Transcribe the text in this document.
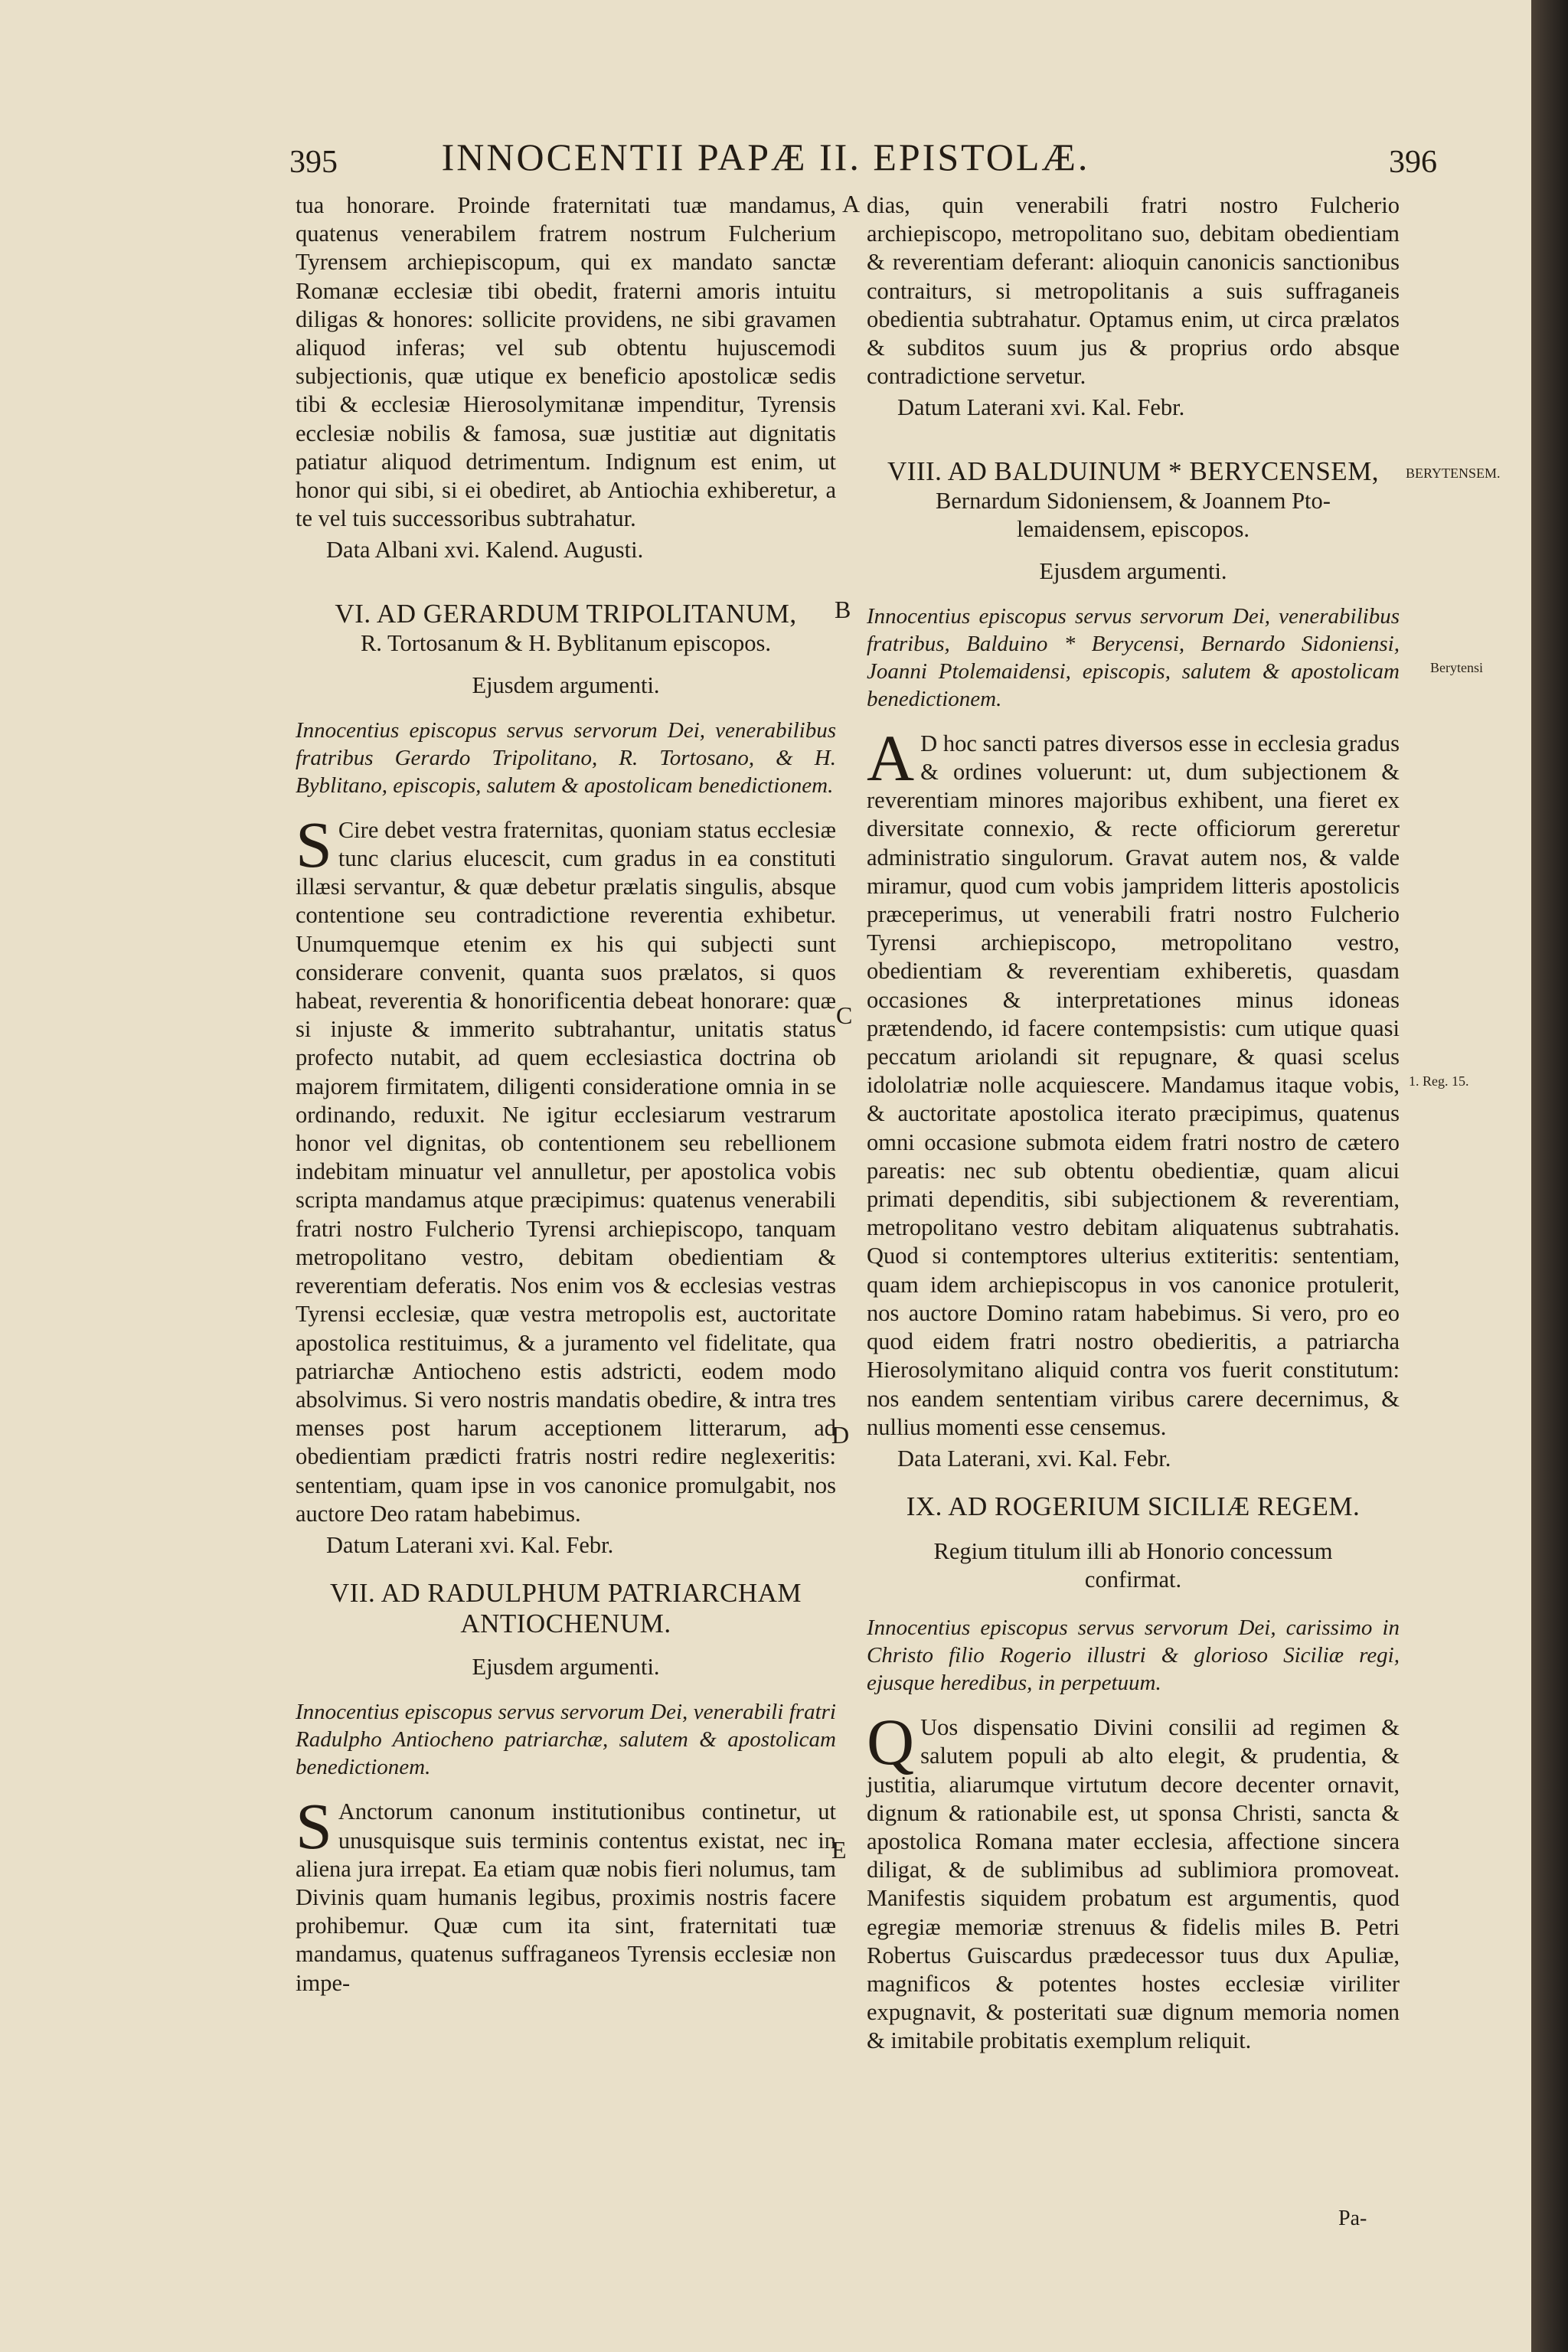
395	INNOCENTII PAPÆ II. EPISTOLÆ.	396

tua honorare. Proinde fraternitati tuæ mandamus, quatenus venerabilem fratrem nostrum Fulcherium Tyrensem archiepiscopum, qui ex mandato sanctæ Romanæ ecclesiæ tibi obedit, fraterni amoris intuitu diligas & honores: sollicite providens, ne sibi gravamen aliquod inferas; vel sub obtentu hujuscemodi subjectionis, quæ utique ex beneficio apostolicæ sedis tibi & ecclesiæ Hierosolymitanæ impenditur, Tyrensis ecclesiæ nobilis & famosa, suæ justitiæ aut dignitatis patiatur aliquod detrimentum. Indignum est enim, ut honor qui sibi, si ei obediret, ab Antiochia exhiberetur, a te vel tuis successoribus subtrahatur.

Data Albani xvi. Kalend. Augusti.

VI. AD GERARDUM TRIPOLITANUM,

R. Tortosanum & H. Byblitanum episcopos.

Ejusdem argumenti.

Innocentius episcopus servus servorum Dei, venerabilibus fratribus Gerardo Tripolitano, R. Tortosano, & H. Byblitano, episcopis, salutem & apostolicam benedictionem.

S Cire debet vestra fraternitas, quoniam status ecclesiæ tunc clarius elucescit, cum gradus in ea constituti illæsi servantur, & quæ debetur prælatis singulis, absque contentione seu contradictione reverentia exhibetur. Unumquemque etenim ex his qui subjecti sunt considerare convenit, quanta suos prælatos, si quos habeat, reverentia & honorificentia debeat honorare: quæ si injuste & immerito subtrahantur, unitatis status profecto nutabit, ad quem ecclesiastica doctrina ob majorem firmitatem, diligenti consideratione omnia in se ordinando, reduxit. Ne igitur ecclesiarum vestrarum honor vel dignitas, ob contentionem seu rebellionem indebitam minuatur vel annulletur, per apostolica vobis scripta mandamus atque præcipimus: quatenus venerabili fratri nostro Fulcherio Tyrensi archiepiscopo, tanquam metropolitano vestro, debitam obedientiam & reverentiam deferatis. Nos enim vos & ecclesias vestras Tyrensi ecclesiæ, quæ vestra metropolis est, auctoritate apostolica restituimus, & a juramento vel fidelitate, qua patriarchæ Antiocheno estis adstricti, eodem modo absolvimus. Si vero nostris mandatis obedire, & intra tres menses post harum acceptionem litterarum, ad obedientiam prædicti fratris nostri redire neglexeritis: sententiam, quam ipse in vos canonice promulgabit, nos auctore Deo ratam habebimus.

Datum Laterani xvi. Kal. Febr.

VII. AD RADULPHUM PATRIARCHAM
ANTIOCHENUM.

Ejusdem argumenti.

Innocentius episcopus servus servorum Dei, venerabili fratri Radulpho Antiocheno patriarchæ, salutem & apostolicam benedictionem.

S Anctorum canonum institutionibus continetur, ut unusquisque suis terminis contentus existat, nec in aliena jura irrepat. Ea etiam quæ nobis fieri nolumus, tam Divinis quam humanis legibus, proximis nostris facere prohibemur. Quæ cum ita sint, fraternitati tuæ mandamus, quatenus suffraganeos Tyrensis ecclesiæ non impe-

dias, quin venerabili fratri nostro Fulcherio archiepiscopo, metropolitano suo, debitam obedientiam & reverentiam deferant: alioquin canonicis sanctionibus contraiturs, si metropolitanis a suis suffraganeis obedientia subtrahatur. Optamus enim, ut circa prælatos & subditos suum jus & proprius ordo absque contradictione servetur.

Datum Laterani xvi. Kal. Febr.

VIII. AD BALDUINUM * BERYCENSEM,

Bernardum Sidoniensem, & Joannem Pto-

lemaidensem, episcopos.

Ejusdem argumenti.

Innocentius episcopus servus servorum Dei, venerabilibus fratribus, Balduino * Berycensi, Bernardo Sidoniensi, Joanni Ptolemaidensi, episcopis, salutem & apostolicam benedictionem.

A D hoc sancti patres diversos esse in ecclesia gradus & ordines voluerunt: ut, dum subjectionem & reverentiam minores majoribus exhibent, una fieret ex diversitate connexio, & recte officiorum gereretur administratio singulorum. Gravat autem nos, & valde miramur, quod cum vobis jampridem litteris apostolicis præceperimus, ut venerabili fratri nostro Fulcherio Tyrensi archiepiscopo, metropolitano vestro, obedientiam & reverentiam exhiberetis, quasdam occasiones & interpretationes minus idoneas prætendendo, id facere contempsistis: cum utique quasi peccatum ariolandi sit repugnare, & quasi scelus idololatriæ nolle acquiescere. Mandamus itaque vobis, & auctoritate apostolica iterato præcipimus, quatenus omni occasione submota eidem fratri nostro de cætero pareatis: nec sub obtentu obedientiæ, quam alicui primati dependitis, sibi subjectionem & reverentiam, metropolitano vestro debitam aliquatenus subtrahatis. Quod si contemptores ulterius extiteritis: sententiam, quam idem archiepiscopus in vos canonice protulerit, nos auctore Domino ratam habebimus. Si vero, pro eo quod eidem fratri nostro obedieritis, a patriarcha Hierosolymitano aliquid contra vos fuerit constitutum: nos eandem sententiam viribus carere decernimus, & nullius momenti esse censemus.

Data Laterani, xvi. Kal. Febr.

IX. AD ROGERIUM SICILIÆ REGEM.

Regium titulum illi ab Honorio concessum

confirmat.

Innocentius episcopus servus servorum Dei, carissimo in Christo filio Rogerio illustri & glorioso Siciliæ regi, ejusque heredibus, in perpetuum.

Q Uos dispensatio Divini consilii ad regimen & salutem populi ab alto elegit, & prudentia, & justitia, aliarumque virtutum decore decenter ornavit, dignum & rationabile est, ut sponsa Christi, sancta & apostolica Romana mater ecclesia, affectione sincera diligat, & de sublimibus ad sublimiora promoveat. Manifestis siquidem probatum est argumentis, quod egregiæ memoriæ strenuus & fidelis miles B. Petri Robertus Guiscardus prædecessor tuus dux Apuliæ, magnificos & potentes hostes ecclesiæ viriliter expugnavit, & posteritati suæ dignum memoria nomen & imitabile probitatis exemplum reliquit.

A
B
C
D
E
BERYTENSEM.
Berytensi
1. Reg. 15.
Pa-
